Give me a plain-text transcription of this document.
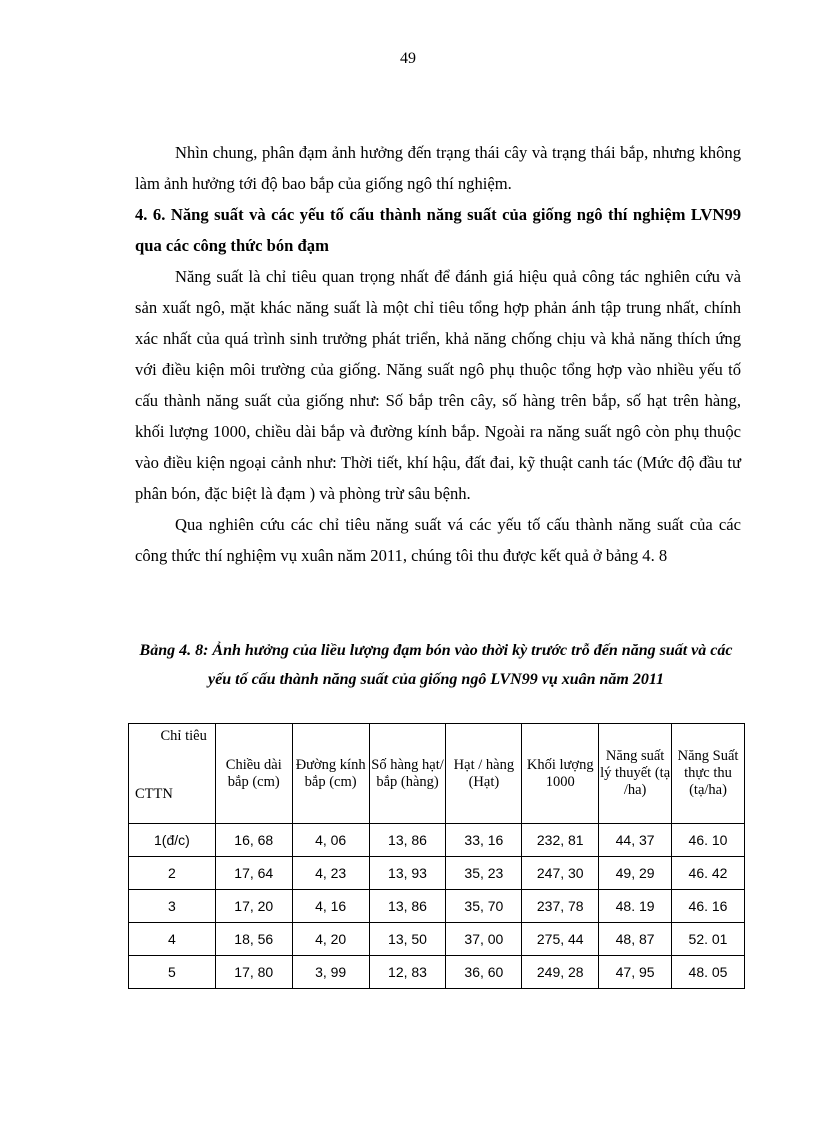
49

Nhìn chung, phân đạm ảnh hưởng đến trạng thái cây và trạng thái bắp, nhưng không làm ảnh hưởng tới độ bao bắp của giống ngô thí nghiệm.

4. 6. Năng suất và các yếu tố cấu thành năng suất của giống ngô thí nghiệm LVN99 qua các công thức bón đạm

Năng suất là chỉ tiêu quan trọng nhất để đánh giá hiệu quả công tác nghiên cứu và sản xuất ngô, mặt khác năng suất là một chỉ tiêu tổng hợp phản ánh tập trung nhất, chính xác nhất của quá trình sinh trưởng phát triển, khả năng chống chịu và khả năng thích ứng với điều kiện môi trường của giống. Năng suất ngô phụ thuộc tổng hợp vào nhiều yếu tố cấu thành năng suất của giống như: Số bắp trên cây, số hàng trên bắp, số hạt trên hàng, khối lượng 1000, chiều dài bắp và đường kính bắp. Ngoài ra năng suất ngô còn phụ thuộc vào điều kiện ngoại cảnh như: Thời tiết, khí hậu, đất đai, kỹ thuật canh tác (Mức độ đầu tư phân bón, đặc biệt là đạm ) và phòng trừ sâu bệnh.

Qua nghiên cứu các chỉ tiêu năng suất vá các yếu tố cấu thành năng suất của các công thức thí nghiệm vụ xuân năm 2011, chúng tôi thu được kết quả ở bảng 4. 8

Bảng 4. 8: Ảnh hưởng của liều lượng đạm bón vào thời kỳ trước trỗ đến năng suất và các yếu tố cấu thành năng suất của giống ngô LVN99 vụ xuân năm 2011
Chỉ tiêu
CTTN	Chiều dài bắp (cm)	Đường kính bắp (cm)	Số hàng hạt/ bắp (hàng)	Hạt / hàng (Hạt)	Khối lượng 1000	Năng suất lý thuyết (tạ /ha)	Năng Suất thực thu (tạ/ha)
1(đ/c)	16, 68	4, 06	13, 86	33, 16	232, 81	44, 37	46. 10
2	17, 64	4, 23	13, 93	35, 23	247, 30	49, 29	46. 42
3	17, 20	4, 16	13, 86	35, 70	237, 78	48. 19	46. 16
4	18, 56	4, 20	13, 50	37, 00	275, 44	48, 87	52. 01
5	17, 80	3, 99	12, 83	36, 60	249, 28	47, 95	48. 05
